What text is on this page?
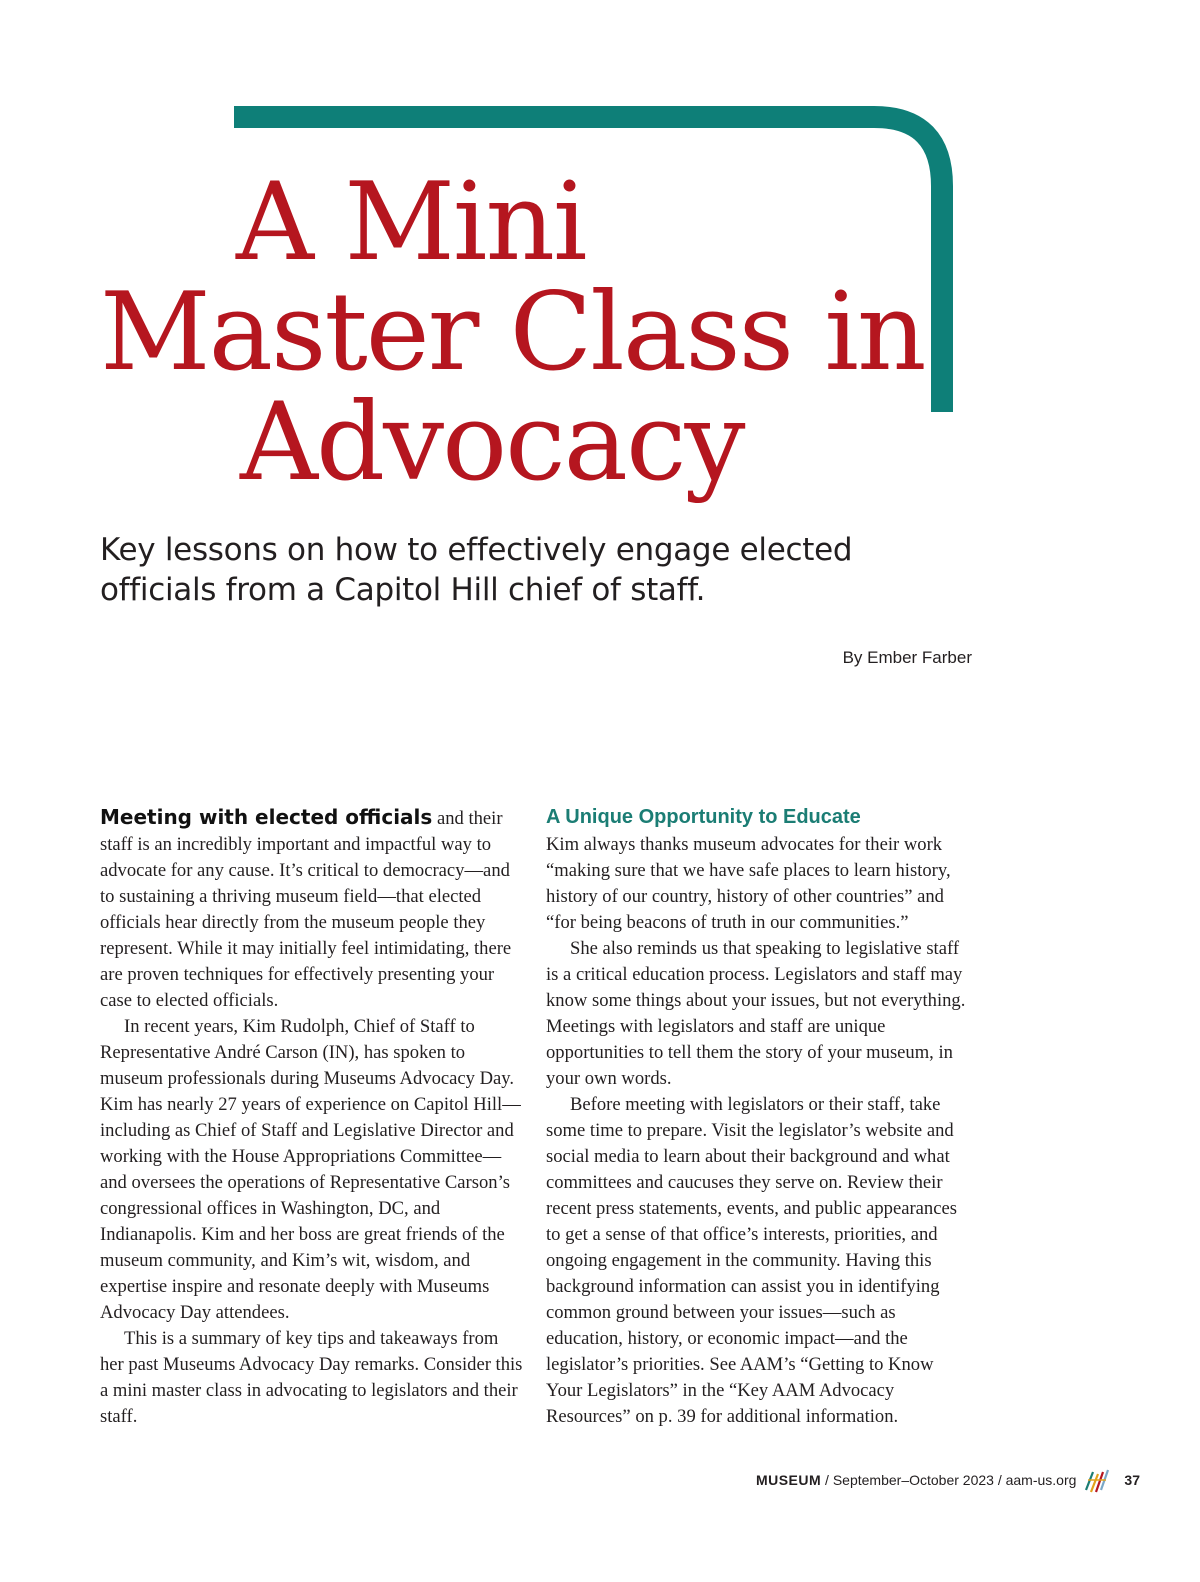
A Mini
Master Class in
Advocacy

Key lessons on how to effectively engage elected officials from a Capitol Hill chief of staff.

By Ember Farber

Meeting with elected officials and their staff is an incredibly important and impactful way to advocate for any cause. It’s critical to democracy—and to sustaining a thriving museum field—that elected officials hear directly from the museum people they represent. While it may initially feel intimidating, there are proven techniques for effectively presenting your case to elected officials.

In recent years, Kim Rudolph, Chief of Staff to Representative André Carson (IN), has spoken to museum professionals during Museums Advocacy Day. Kim has nearly 27 years of experience on Capitol Hill—including as Chief of Staff and Legislative Director and working with the House Appropriations Committee—and oversees the operations of Representative Carson’s congressional offices in Washington, DC, and Indianapolis. Kim and her boss are great friends of the museum community, and Kim’s wit, wisdom, and expertise inspire and resonate deeply with Museums Advocacy Day attendees.

This is a summary of key tips and takeaways from her past Museums Advocacy Day remarks. Consider this a mini master class in advocating to legislators and their staff.

A Unique Opportunity to Educate

Kim always thanks museum advocates for their work “making sure that we have safe places to learn history, history of our country, history of other countries” and “for being beacons of truth in our communities.”

She also reminds us that speaking to legislative staff is a critical education process. Legislators and staff may know some things about your issues, but not everything. Meetings with legislators and staff are unique opportunities to tell them the story of your museum, in your own words.

Before meeting with legislators or their staff, take some time to prepare. Visit the legislator’s website and social media to learn about their background and what committees and caucuses they serve on. Review their recent press statements, events, and public appearances to get a sense of that office’s interests, priorities, and ongoing engagement in the community. Having this background information can assist you in identifying common ground between your issues—such as education, history, or economic impact—and the legislator’s priorities. See AAM’s “Getting to Know Your Legislators” in the “Key AAM Advocacy Resources” on p. 39 for additional information.

MUSEUM / September–October 2023 / aam-us.org	37
